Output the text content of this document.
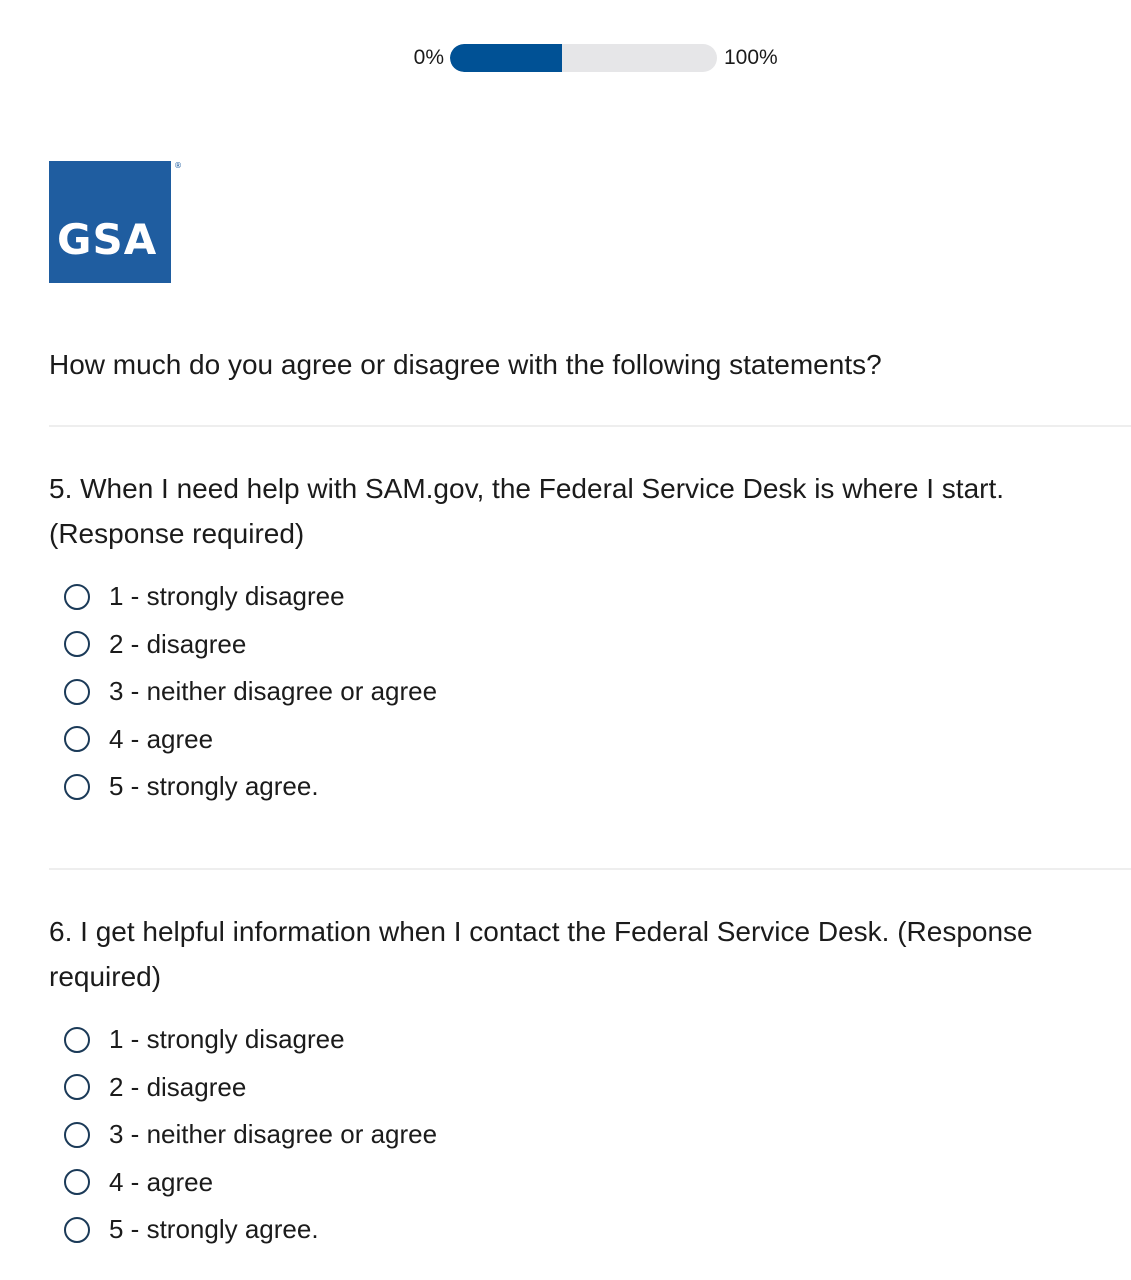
0%	100%
GSA
®
How much do you agree or disagree with the following statements?

5. When I need help with SAM.gov, the Federal Service Desk is where I start. (Response required)

1 - strongly disagree
2 - disagree
3 - neither disagree or agree
4 - agree
5 - strongly agree.

6. I get helpful information when I contact the Federal Service Desk. (Response required)

1 - strongly disagree
2 - disagree
3 - neither disagree or agree
4 - agree
5 - strongly agree.
